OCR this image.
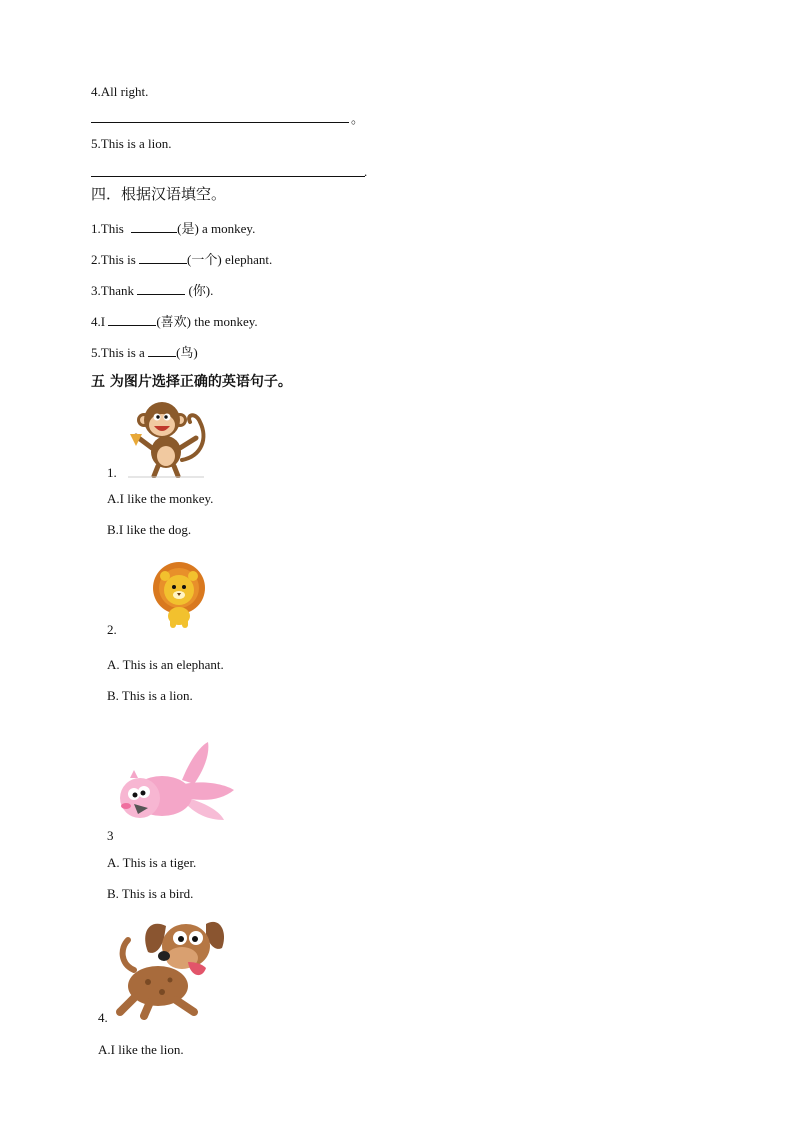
4.All right.
。
5.This is a lion.
.
四．根据汉语填空。
1.This	(是) a monkey.
2.This is	(一个) elephant.
3.Thank	(你).
4.I	(喜欢) the monkey.
5.This is a (鸟)
五 为图片选择正确的英语句子。
1.
A.I like the monkey.
B.I like the dog.
2.
A. This is an elephant.
B. This is a lion.
3
A. This is a tiger.
B. This is a bird.
4.
A.I like the lion.
